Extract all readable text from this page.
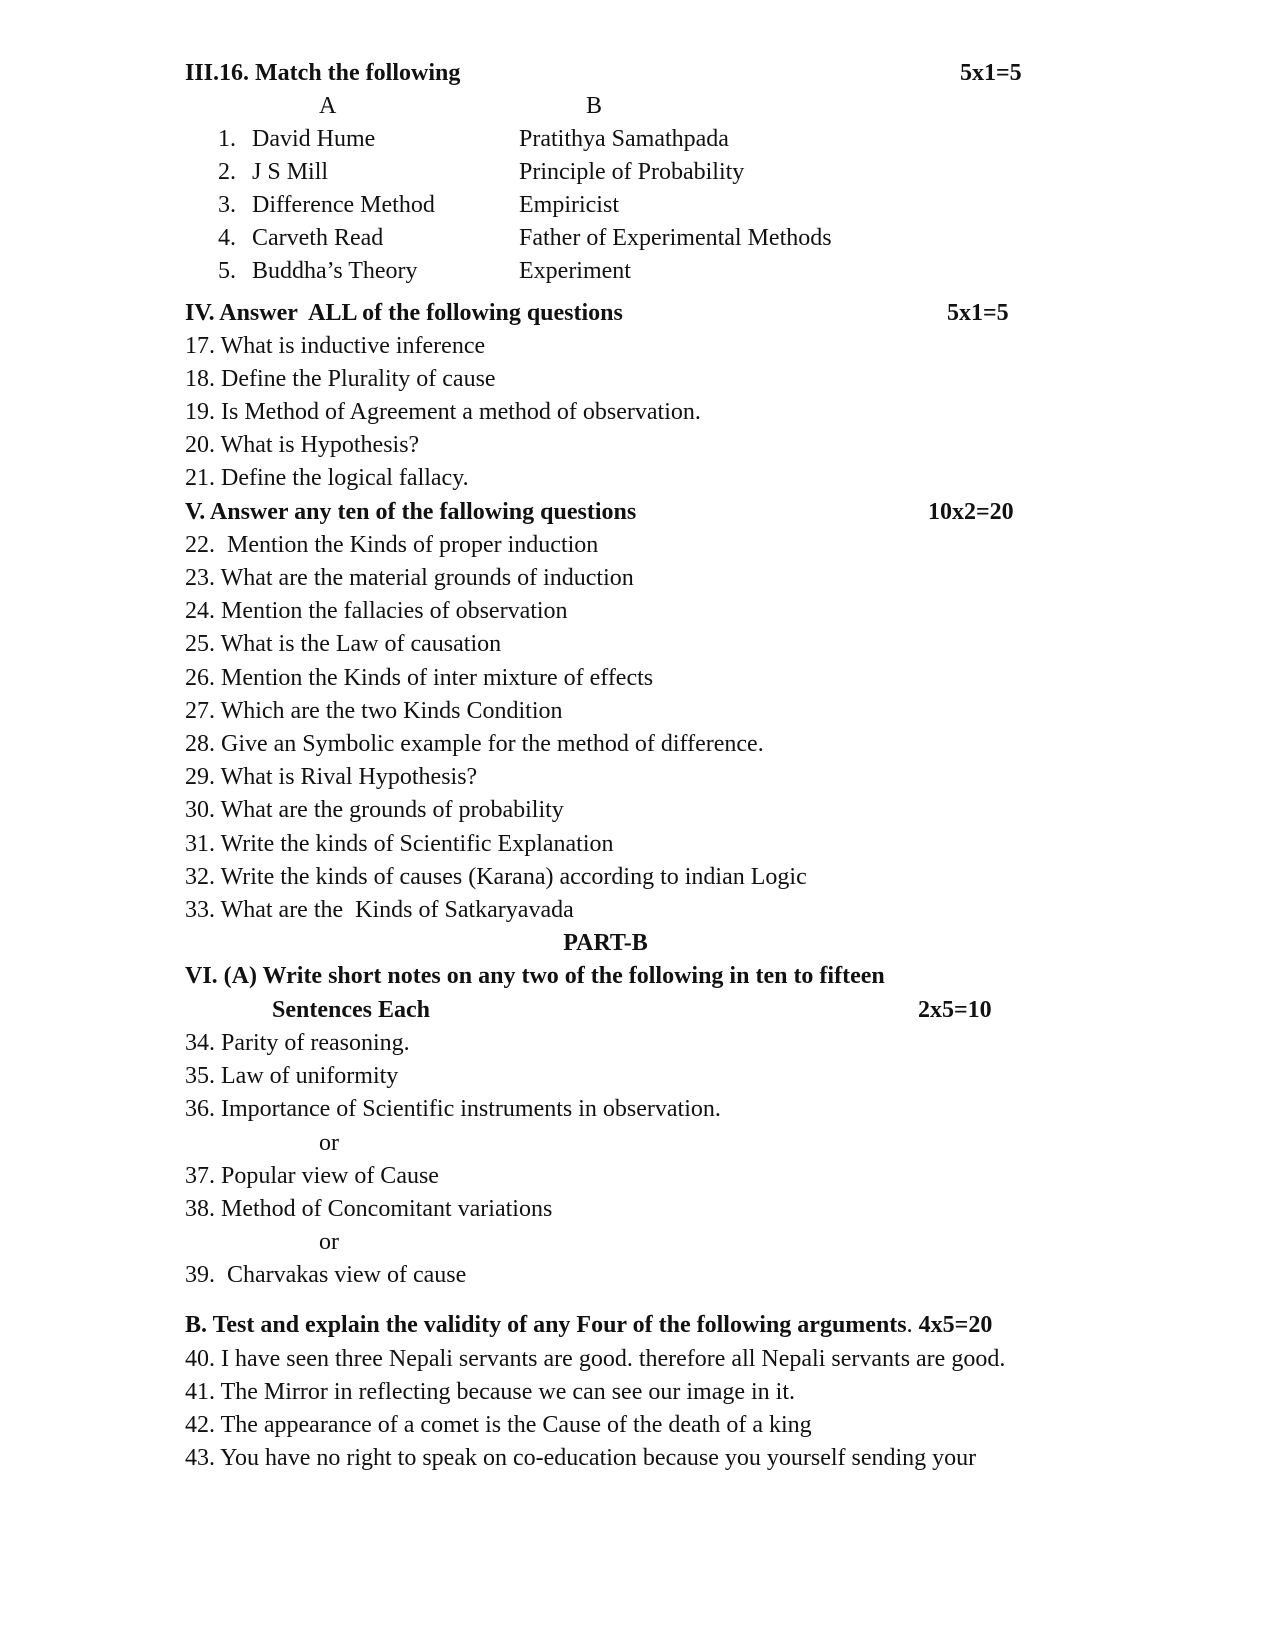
III.16. Match the following	5x1=5
A	B
1. David Hume	Pratithya Samathpada
2. J S Mill	Principle of Probability
3. Difference Method	Empiricist
4. Carveth Read	Father of Experimental Methods
5. Buddha’s Theory	Experiment
IV. Answer  ALL of the following questions	5x1=5
17. What is inductive inference
18. Define the Plurality of cause
19. Is Method of Agreement a method of observation.
20. What is Hypothesis?
21. Define the logical fallacy.
V. Answer any ten of the fallowing questions	10x2=20
22.  Mention the Kinds of proper induction
23. What are the material grounds of induction
24. Mention the fallacies of observation
25. What is the Law of causation
26. Mention the Kinds of inter mixture of effects
27. Which are the two Kinds Condition
28. Give an Symbolic example for the method of difference.
29. What is Rival Hypothesis?
30. What are the grounds of probability
31. Write the kinds of Scientific Explanation
32. Write the kinds of causes (Karana) according to indian Logic
33. What are the  Kinds of Satkaryavada
PART-B
VI. (A) Write short notes on any two of the following in ten to fifteen
Sentences Each	2x5=10
34. Parity of reasoning.
35. Law of uniformity
36. Importance of Scientific instruments in observation.
or
37. Popular view of Cause
38. Method of Concomitant variations
or
39.  Charvakas view of cause
B. Test and explain the validity of any Four of the following arguments. 4x5=20
40. I have seen three Nepali servants are good. therefore all Nepali servants are good.
41. The Mirror in reflecting because we can see our image in it.
42. The appearance of a comet is the Cause of the death of a king
43. You have no right to speak on co-education because you yourself sending your
